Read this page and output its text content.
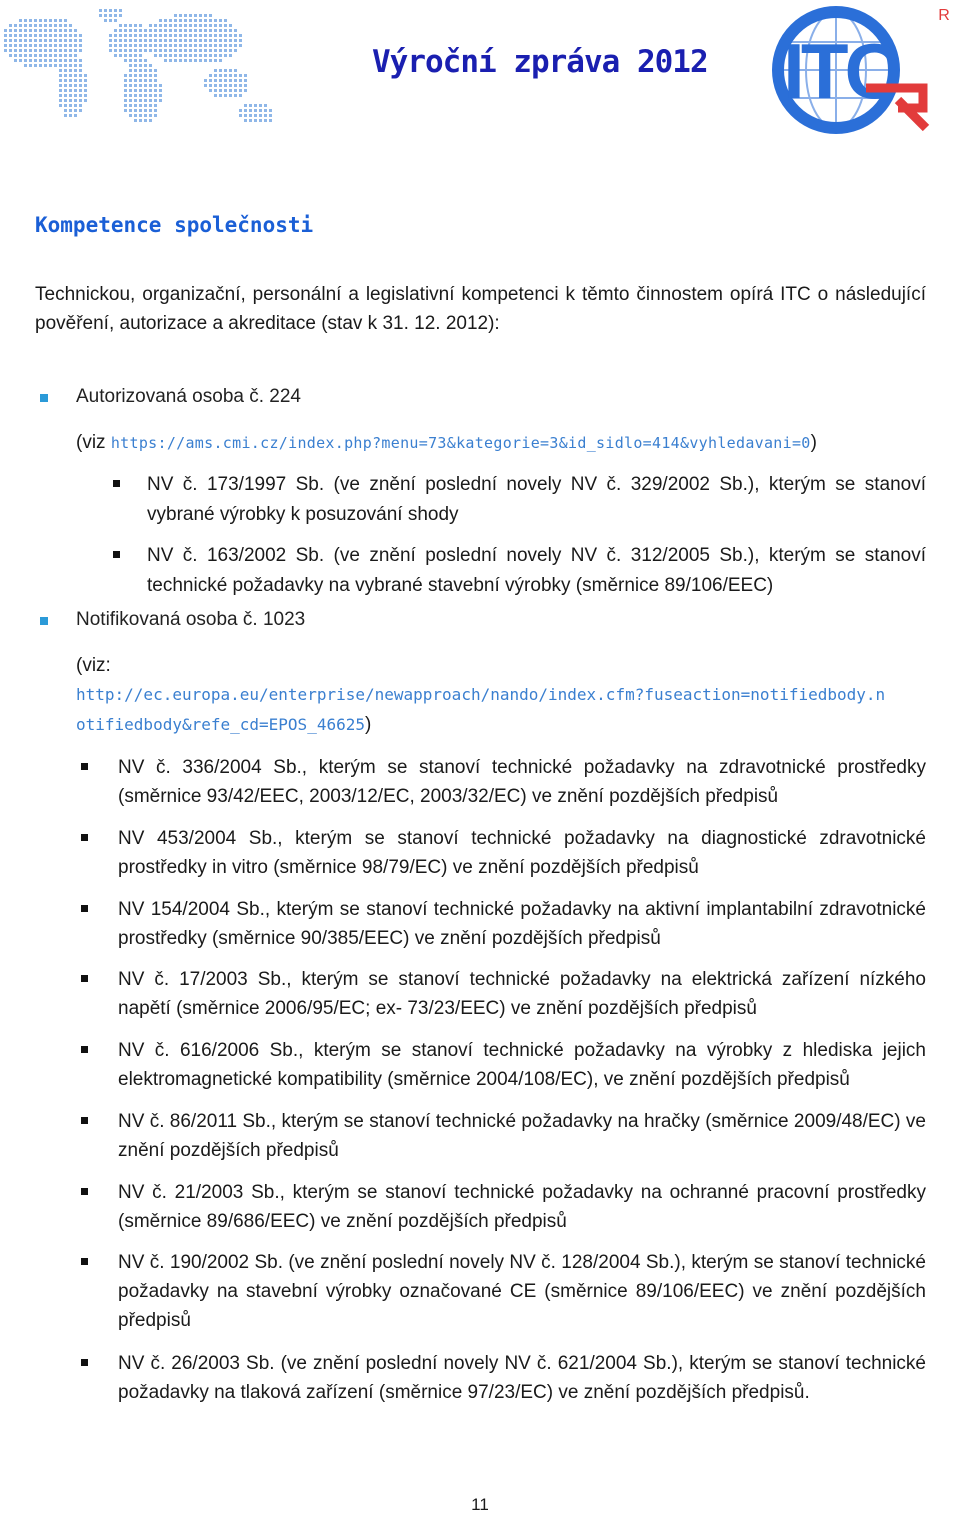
Výroční zpráva 2012 ITC
R
Kompetence společnosti
Technickou, organizační, personální a legislativní kompetenci k těmto činnostem opírá ITC o následující pověření, autorizace a akreditace (stav k 31. 12. 2012):
Autorizovaná osoba č. 224
(viz https://ams.cmi.cz/index.php?menu=73&kategorie=3&id_sidlo=414&vyhledavani=0)
NV č. 173/1997 Sb. (ve znění poslední novely NV č. 329/2002 Sb.), kterým se stanoví vybrané výrobky k posuzování shody
NV č. 163/2002 Sb. (ve znění poslední novely NV č. 312/2005 Sb.), kterým se stanoví technické požadavky na vybrané stavební výrobky (směrnice 89/106/EEC)
Notifikovaná osoba č. 1023
(viz:
http://ec.europa.eu/enterprise/newapproach/nando/index.cfm?fuseaction=notifiedbody.n
otifiedbody&refe_cd=EPOS_46625)
NV č. 336/2004 Sb., kterým se stanoví technické požadavky na zdravotnické prostředky (směrnice 93/42/EEC, 2003/12/EC, 2003/32/EC) ve znění pozdějších předpisů
NV 453/2004 Sb., kterým se stanoví technické požadavky na diagnostické zdravotnické prostředky in vitro (směrnice 98/79/EC) ve znění pozdějších předpisů
NV 154/2004 Sb., kterým se stanoví technické požadavky na aktivní implantabilní zdravotnické prostředky (směrnice 90/385/EEC) ve znění pozdějších předpisů
NV č. 17/2003 Sb., kterým se stanoví technické požadavky na elektrická zařízení nízkého napětí (směrnice 2006/95/EC; ex- 73/23/EEC) ve znění pozdějších předpisů
NV č. 616/2006 Sb., kterým se stanoví technické požadavky na výrobky z hlediska jejich elektromagnetické kompatibility (směrnice 2004/108/EC), ve znění pozdějších předpisů
NV č. 86/2011 Sb., kterým se stanoví technické požadavky na hračky (směrnice 2009/48/EC) ve znění pozdějších předpisů
NV č. 21/2003 Sb., kterým se stanoví technické požadavky na ochranné pracovní prostředky (směrnice 89/686/EEC) ve znění pozdějších předpisů
NV č. 190/2002 Sb. (ve znění poslední novely NV č. 128/2004 Sb.), kterým se stanoví technické požadavky na stavební výrobky označované CE (směrnice 89/106/EEC) ve znění pozdějších předpisů
NV č. 26/2003 Sb. (ve znění poslední novely NV č. 621/2004 Sb.), kterým se stanoví technické požadavky na tlaková zařízení (směrnice 97/23/EC) ve znění pozdějších předpisů.
11
